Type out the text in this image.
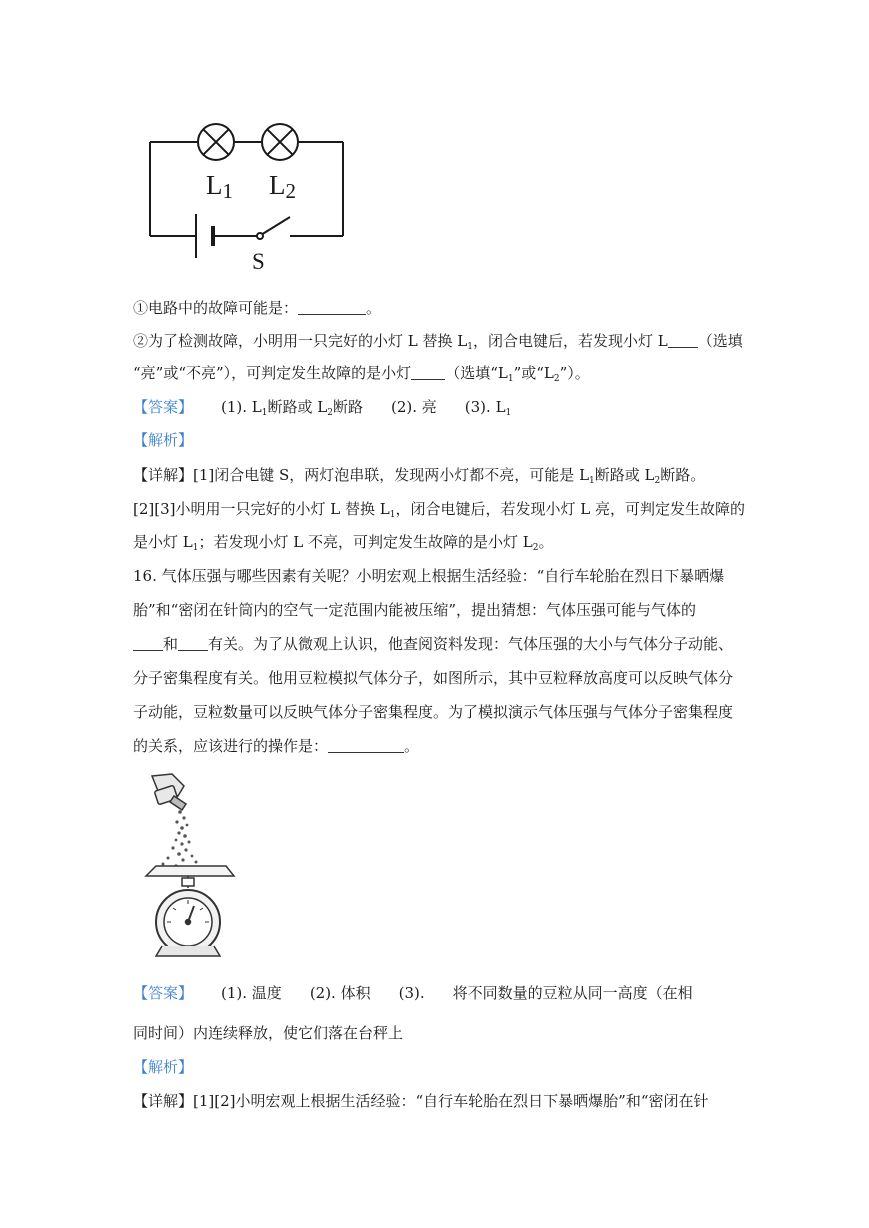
L1 L2
S
①电路中的故障可能是：	。
②为了检测故障，小明用一只完好的小灯 L 替换 $L_1$，闭合电键后，若发现小灯 L （选填
“亮”或“不亮”），可判定发生故障的是小灯 （选填“$L_1$”或“$L_2$”）。
【答案】 (1). $L_1$断路或 $L_2$断路 (2). 亮 (3). $L_1$
【解析】
【详解】[1]闭合电键 S，两灯泡串联，发现两小灯都不亮，可能是 $L_1$断路或 $L_2$断路。
[2][3]小明用一只完好的小灯 L 替换 $L_1$，闭合电键后，若发现小灯 L 亮，可判定发生故障的
是小灯 $L_1$；若发现小灯 L 不亮，可判定发生故障的是小灯 $L_2$。
16. 气体压强与哪些因素有关呢？小明宏观上根据生活经验：“自行车轮胎在烈日下暴晒爆
胎”和“密闭在针筒内的空气一定范围内能被压缩”，提出猜想：气体压强可能与气体的
和 有关。为了从微观上认识，他查阅资料发现：气体压强的大小与气体分子动能、
分子密集程度有关。他用豆粒模拟气体分子，如图所示，其中豆粒释放高度可以反映气体分
子动能，豆粒数量可以反映气体分子密集程度。为了模拟演示气体压强与气体分子密集程度
的关系，应该进行的操作是：	。
【答案】 (1). 温度 (2). 体积 (3). 将不同数量的豆粒从同一高度（在相
同时间）内连续释放，使它们落在台秤上
【解析】
【详解】[1][2]小明宏观上根据生活经验：“自行车轮胎在烈日下暴晒爆胎”和“密闭在针
